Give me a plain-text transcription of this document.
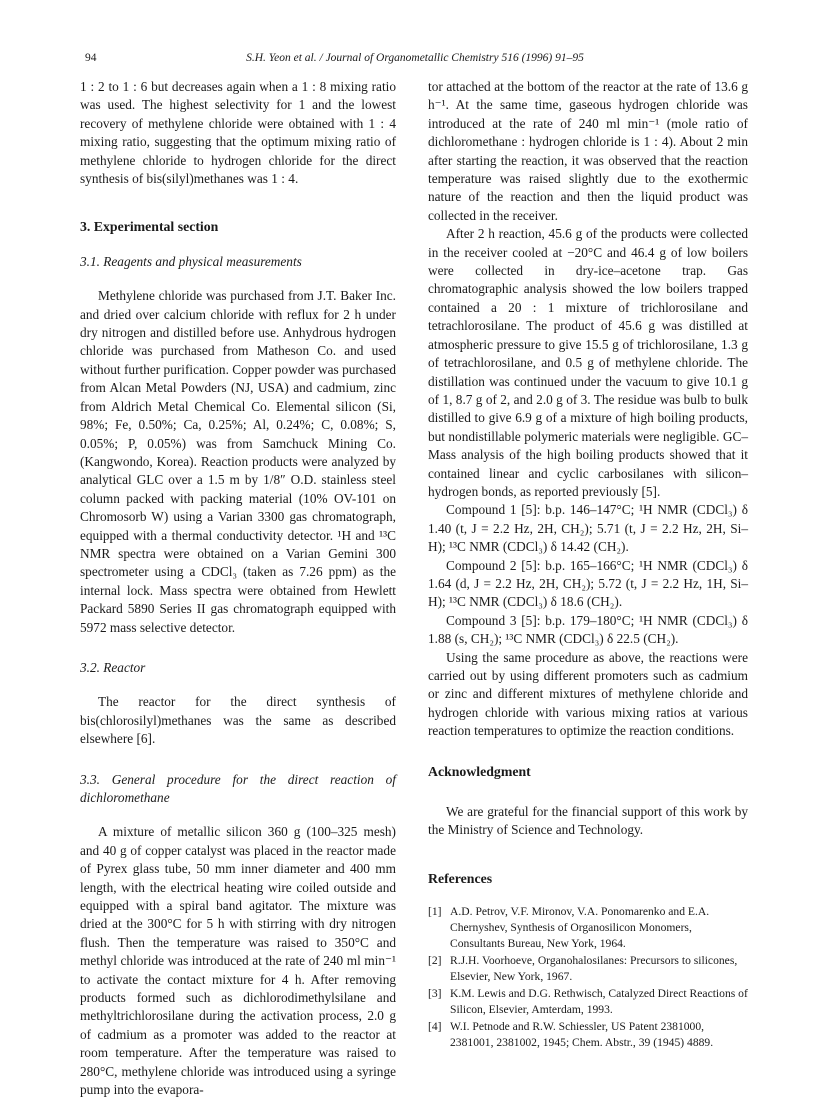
94	S.H. Yeon et al. / Journal of Organometallic Chemistry 516 (1996) 91–95

1 : 2 to 1 : 6 but decreases again when a 1 : 8 mixing ratio was used. The highest selectivity for 1 and the lowest recovery of methylene chloride were obtained with 1 : 4 mixing ratio, suggesting that the optimum mixing ratio of methylene chloride to hydrogen chloride for the direct synthesis of bis(silyl)methanes was 1 : 4.

3. Experimental section
3.1. Reagents and physical measurements

Methylene chloride was purchased from J.T. Baker Inc. and dried over calcium chloride with reflux for 2 h under dry nitrogen and distilled before use. Anhydrous hydrogen chloride was purchased from Matheson Co. and used without further purification. Copper powder was purchased from Alcan Metal Powders (NJ, USA) and cadmium, zinc from Aldrich Metal Chemical Co. Elemental silicon (Si, 98%; Fe, 0.50%; Ca, 0.25%; Al, 0.24%; C, 0.08%; S, 0.05%; P, 0.05%) was from Samchuck Mining Co. (Kangwondo, Korea). Reaction products were analyzed by analytical GLC over a 1.5 m by 1/8″ O.D. stainless steel column packed with packing material (10% OV-101 on Chromosorb W) using a Varian 3300 gas chromatograph, equipped with a thermal conductivity detector. ¹H and ¹³C NMR spectra were obtained on a Varian Gemini 300 spectrometer using a CDCl₃ (taken as 7.26 ppm) as the internal lock. Mass spectra were obtained from Hewlett Packard 5890 Series II gas chromatograph equipped with 5972 mass selective detector.

3.2. Reactor

The reactor for the direct synthesis of bis(chlorosilyl)methanes was the same as described elsewhere [6].

3.3. General procedure for the direct reaction of dichloromethane

A mixture of metallic silicon 360 g (100–325 mesh) and 40 g of copper catalyst was placed in the reactor made of Pyrex glass tube, 50 mm inner diameter and 400 mm length, with the electrical heating wire coiled outside and equipped with a spiral band agitator. The mixture was dried at the 300°C for 5 h with stirring with dry nitrogen flush. Then the temperature was raised to 350°C and methyl chloride was introduced at the rate of 240 ml min⁻¹ to activate the contact mixture for 4 h. After removing products formed such as dichlorodimethylsilane and methyltrichlorosilane during the activation process, 2.0 g of cadmium as a promoter was added to the reactor at room temperature. After the temperature was raised to 280°C, methylene chloride was introduced using a syringe pump into the evapora-

tor attached at the bottom of the reactor at the rate of 13.6 g h⁻¹. At the same time, gaseous hydrogen chloride was introduced at the rate of 240 ml min⁻¹ (mole ratio of dichloromethane : hydrogen chloride is 1 : 4). About 2 min after starting the reaction, it was observed that the reaction temperature was raised slightly due to the exothermic nature of the reaction and then the liquid product was collected in the receiver.

After 2 h reaction, 45.6 g of the products were collected in the receiver cooled at −20°C and 46.4 g of low boilers were collected in dry-ice–acetone trap. Gas chromatographic analysis showed the low boilers trapped contained a 20 : 1 mixture of trichlorosilane and tetrachlorosilane. The product of 45.6 g was distilled at atmospheric pressure to give 15.5 g of trichlorosilane, 1.3 g of tetrachlorosilane, and 0.5 g of methylene chloride. The distillation was continued under the vacuum to give 10.1 g of 1, 8.7 g of 2, and 2.0 g of 3. The residue was bulb to bulk distilled to give 6.9 g of a mixture of high boiling products, but nondistillable polymeric materials were negligible. GC–Mass analysis of the high boiling products showed that it contained linear and cyclic carbosilanes with silicon–hydrogen bonds, as reported previously [5].

Compound 1 [5]: b.p. 146–147°C; ¹H NMR (CDCl₃) δ 1.40 (t, J = 2.2 Hz, 2H, CH₂); 5.71 (t, J = 2.2 Hz, 2H, Si–H); ¹³C NMR (CDCl₃) δ 14.42 (CH₂).

Compound 2 [5]: b.p. 165–166°C; ¹H NMR (CDCl₃) δ 1.64 (d, J = 2.2 Hz, 2H, CH₂); 5.72 (t, J = 2.2 Hz, 1H, Si–H); ¹³C NMR (CDCl₃) δ 18.6 (CH₂).

Compound 3 [5]: b.p. 179–180°C; ¹H NMR (CDCl₃) δ 1.88 (s, CH₂); ¹³C NMR (CDCl₃) δ 22.5 (CH₂).

Using the same procedure as above, the reactions were carried out by using different promoters such as cadmium or zinc and different mixtures of methylene chloride and hydrogen chloride with various mixing ratios at various reaction temperatures to optimize the reaction conditions.

Acknowledgment

We are grateful for the financial support of this work by the Ministry of Science and Technology.

References
[1] A.D. Petrov, V.F. Mironov, V.A. Ponomarenko and E.A. Chernyshev, Synthesis of Organosilicon Monomers, Consultants Bureau, New York, 1964.
[2] R.J.H. Voorhoeve, Organohalosilanes: Precursors to silicones, Elsevier, New York, 1967.
[3] K.M. Lewis and D.G. Rethwisch, Catalyzed Direct Reactions of Silicon, Elsevier, Amterdam, 1993.
[4] W.I. Petnode and R.W. Schiessler, US Patent 2381000, 2381001, 2381002, 1945; Chem. Abstr., 39 (1945) 4889.
